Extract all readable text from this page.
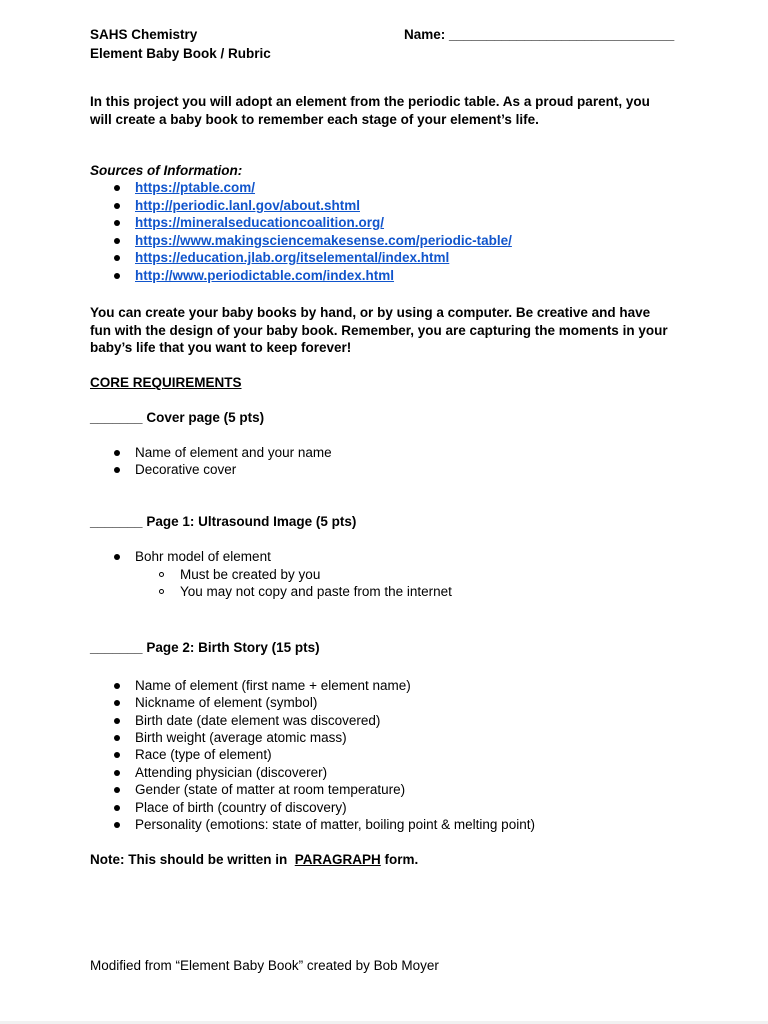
SAHS Chemistry
Element Baby Book / Rubric
Name: ______________________________
In this project you will adopt an element from the periodic table. As a proud parent, you will create a baby book to remember each stage of your element’s life.
Sources of Information:
https://ptable.com/
http://periodic.lanl.gov/about.shtml
https://mineralseducationcoalition.org/
https://www.makingsciencemakesense.com/periodic-table/
https://education.jlab.org/itselemental/index.html
http://www.periodictable.com/index.html
You can create your baby books by hand, or by using a computer. Be creative and have fun with the design of your baby book. Remember, you are capturing the moments in your baby’s life that you want to keep forever!
CORE REQUIREMENTS
_______ Cover page (5 pts)
Name of element and your name
Decorative cover
_______ Page 1: Ultrasound Image (5 pts)
Bohr model of element
Must be created by you
You may not copy and paste from the internet
_______ Page 2: Birth Story (15 pts)
Name of element (first name + element name)
Nickname of element (symbol)
Birth date (date element was discovered)
Birth weight (average atomic mass)
Race (type of element)
Attending physician (discoverer)
Gender (state of matter at room temperature)
Place of birth (country of discovery)
Personality (emotions: state of matter, boiling point & melting point)
Note: This should be written in PARAGRAPH form.
Modified from “Element Baby Book” created by Bob Moyer
